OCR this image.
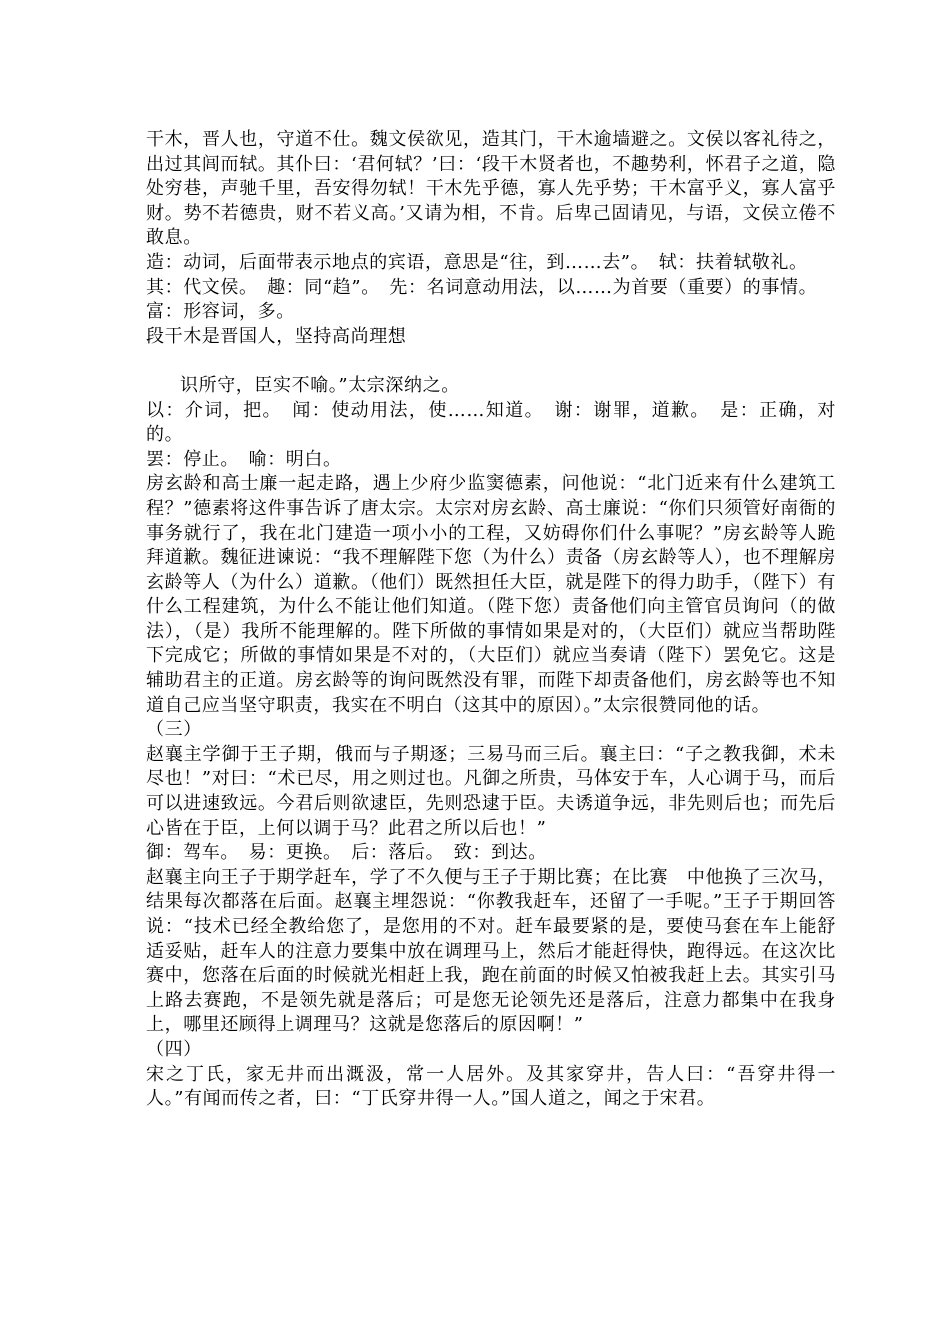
干木，晋人也，守道不仕。魏文侯欲见，造其门，干木逾墙避之。文侯以客礼待之，出过其闾而轼。其仆曰：‘君何轼？’曰：‘段干木贤者也，不趣势利，怀君子之道，隐处穷巷，声驰千里，吾安得勿轼！干木先乎德，寡人先乎势；干木富乎义，寡人富乎财。势不若德贵，财不若义高。’又请为相，不肯。后卑己固请见，与语，文侯立倦不敢息。

造：动词，后面带表示地点的宾语，意思是“往，到……去”。　轼：扶着轼敬礼。

其：代文侯。　趣：同“趋”。　先：名词意动用法，以……为首要（重要）的事情。

富：形容词，多。

段干木是晋国人，坚持高尚理想

识所守，臣实不喻。”太宗深纳之。

以：介词，把。　闻：使动用法，使……知道。　谢：谢罪，道歉。　是：正确，对的。

罢：停止。　喻：明白。

房玄龄和高士廉一起走路，遇上少府少监窦德素，问他说：“北门近来有什么建筑工程？”德素将这件事告诉了唐太宗。太宗对房玄龄、高士廉说：“你们只须管好南衙的事务就行了，我在北门建造一项小小的工程，又妨碍你们什么事呢？”房玄龄等人跪拜道歉。魏征进谏说：“我不理解陛下您（为什么）责备（房玄龄等人），也不理解房玄龄等人（为什么）道歉。（他们）既然担任大臣，就是陛下的得力助手，（陛下）有什么工程建筑，为什么不能让他们知道。（陛下您）责备他们向主管官员询问（的做法），（是）我所不能理解的。陛下所做的事情如果是对的，（大臣们）就应当帮助陛下完成它；所做的事情如果是不对的，（大臣们）就应当奏请（陛下）罢免它。这是辅助君主的正道。房玄龄等的询问既然没有罪，而陛下却责备他们，房玄龄等也不知道自己应当坚守职责，我实在不明白（这其中的原因）。”太宗很赞同他的话。

（三）

赵襄主学御于王子期，俄而与子期逐；三易马而三后。襄主曰：“子之教我御，术未尽也！”对曰：“术已尽，用之则过也。凡御之所贵，马体安于车，人心调于马，而后可以进速致远。今君后则欲逮臣，先则恐逮于臣。夫诱道争远，非先则后也；而先后心皆在于臣，上何以调于马？此君之所以后也！”

御：驾车。　易：更换。　后：落后。　致：到达。

赵襄主向王子于期学赶车，学了不久便与王子于期比赛；在比赛　中他换了三次马，结果每次都落在后面。赵襄主埋怨说：“你教我赶车，还留了一手呢。”王子于期回答说：“技术已经全教给您了，是您用的不对。赶车最要紧的是，要使马套在车上能舒适妥贴，赶车人的注意力要集中放在调理马上，然后才能赶得快，跑得远。在这次比赛中，您落在后面的时候就光相赶上我，跑在前面的时候又怕被我赶上去。其实引马上路去赛跑，不是领先就是落后；可是您无论领先还是落后，注意力都集中在我身上，哪里还顾得上调理马？这就是您落后的原因啊！”

（四）

宋之丁氏，家无井而出溉汲，常一人居外。及其家穿井，告人曰：“吾穿井得一人。”有闻而传之者，曰：“丁氏穿井得一人。”国人道之，闻之于宋君。
